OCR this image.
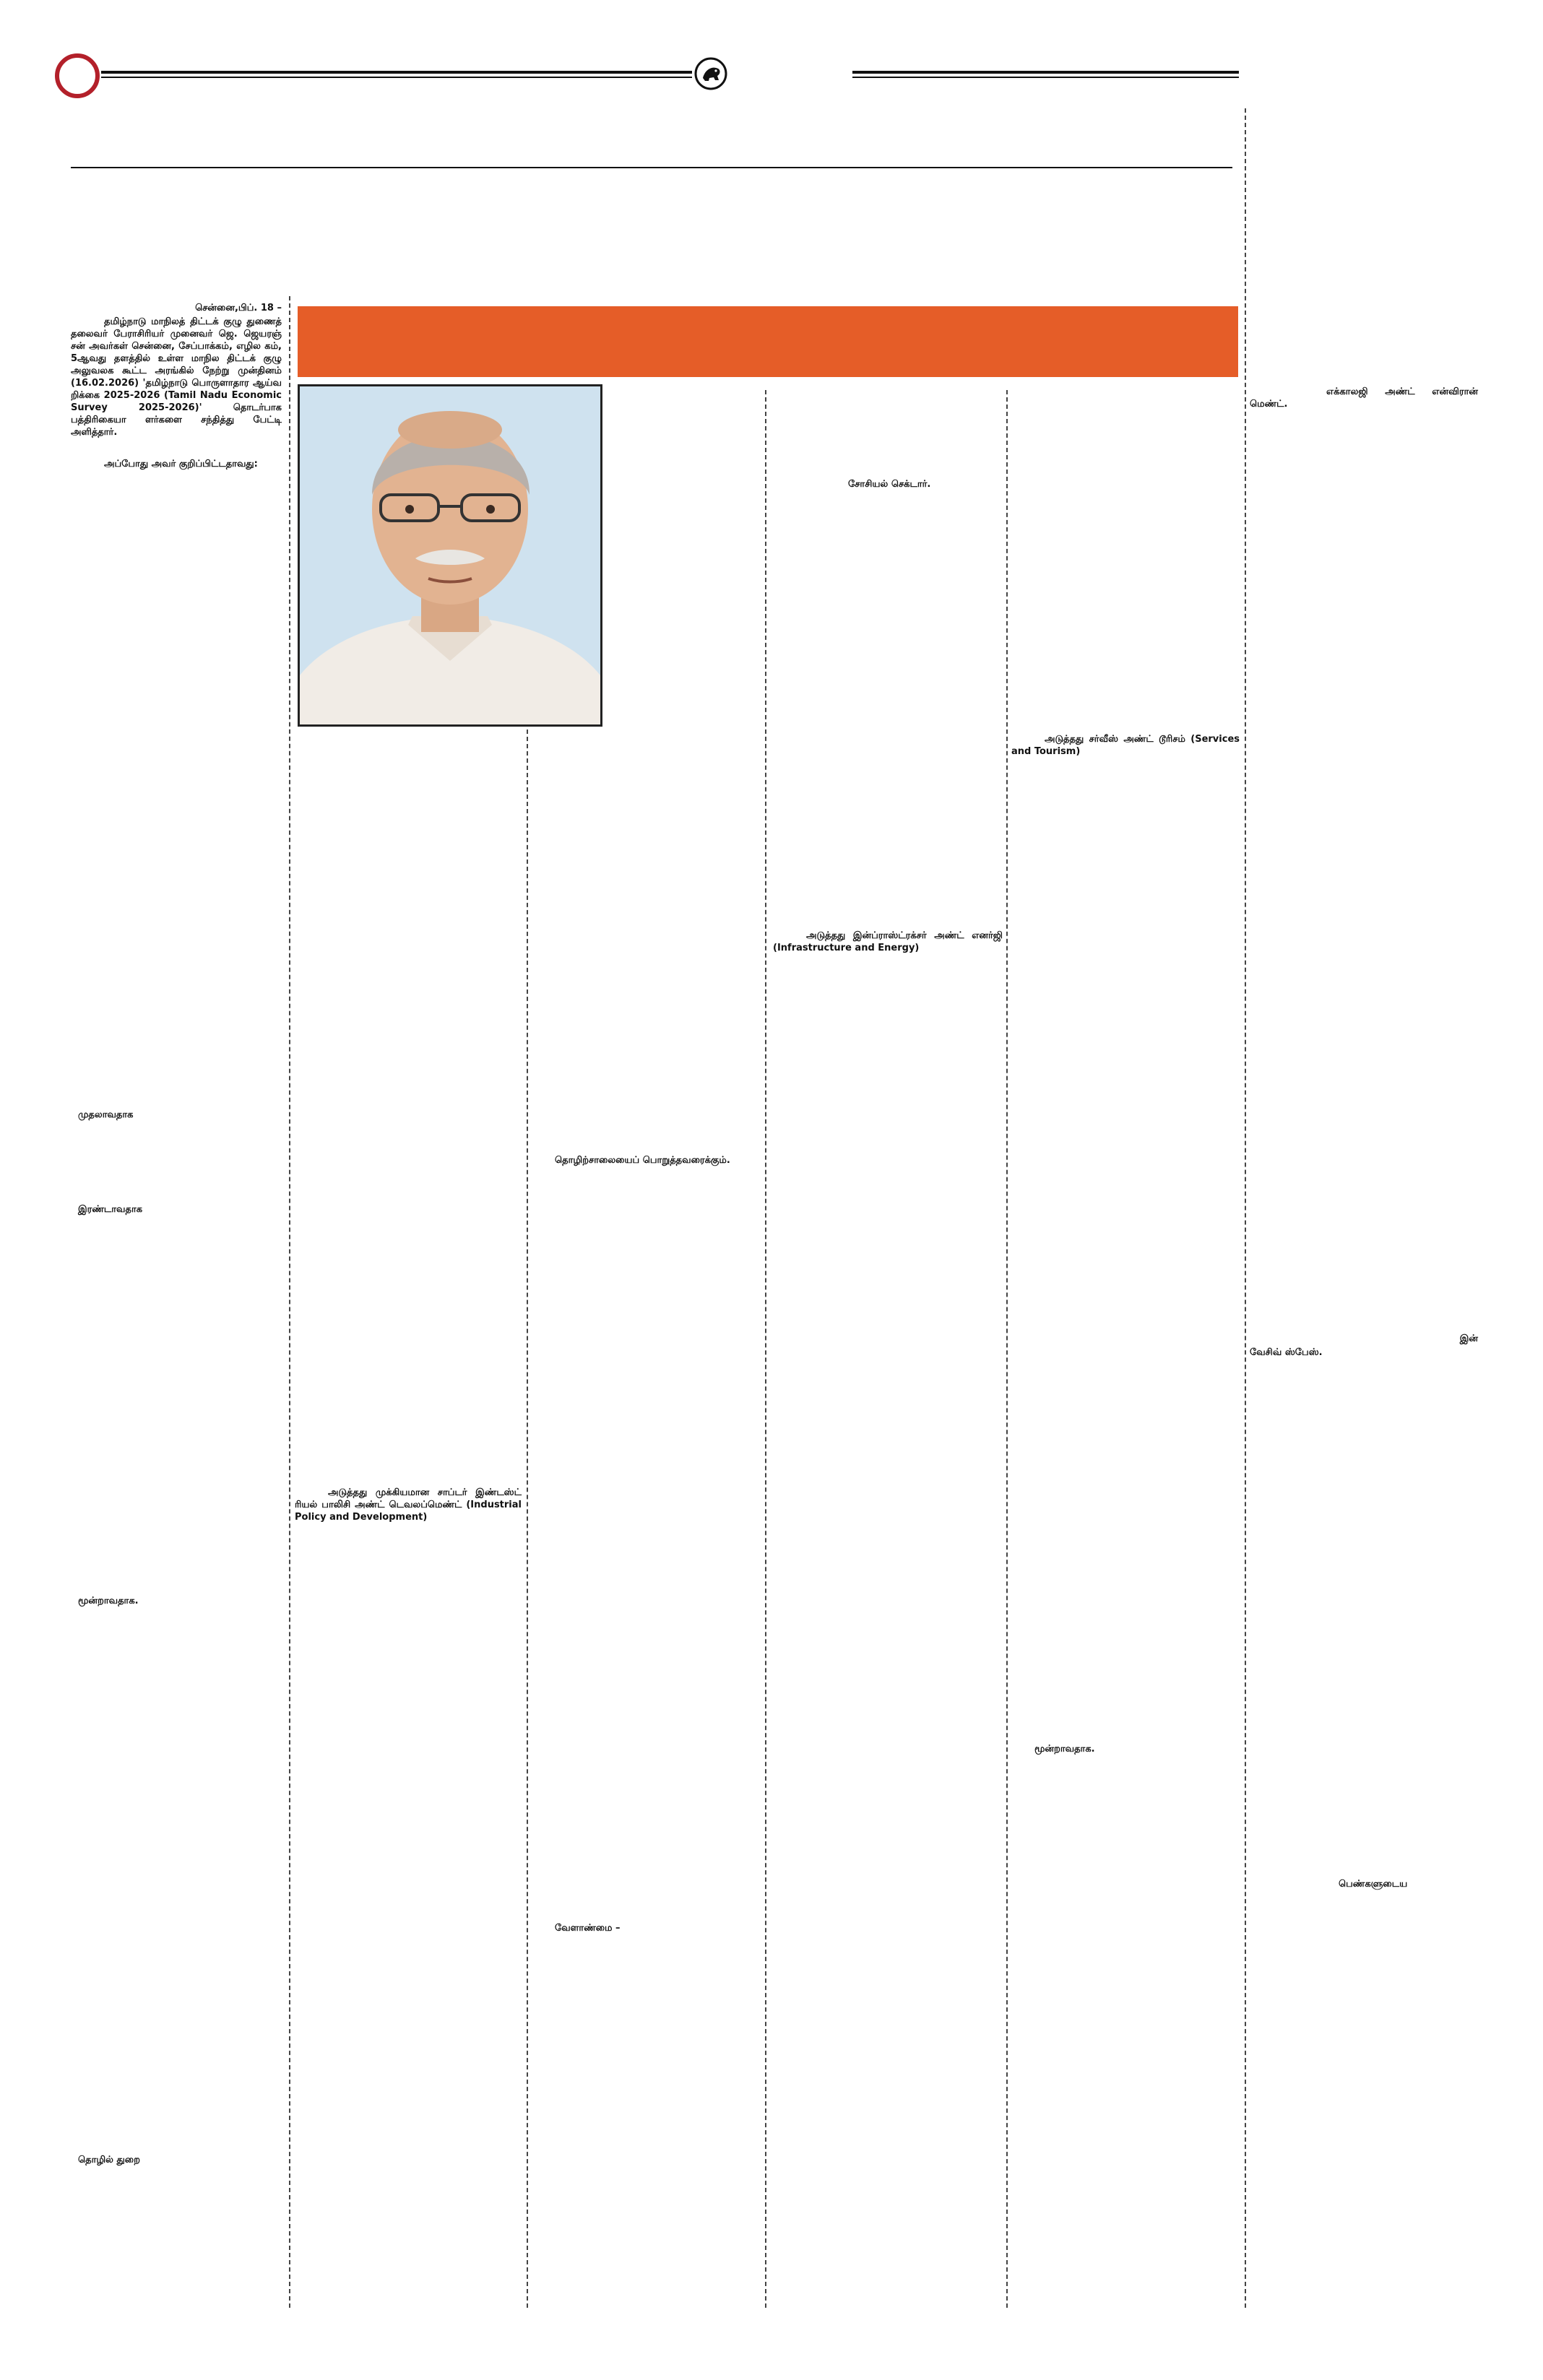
சென்னை,பிப். 18 –
தமிழ்நாடு மாநிலத் திட்டக் குழு துணைத் தலைவர் பேராசிரியர் முனைவர் ஜெ. ஜெயரஞ் சன் அவர்கள் சென்னை, சேப்பாக்கம், எழில கம், 5ஆவது தளத்தில் உள்ள மாநில திட்டக் குழு அலுவலக கூட்ட அரங்கில் நேற்று முன்தினம் (16.02.2026) 'தமிழ்நாடு பொருளாதார ஆய்வ றிக்கை 2025-2026 (Tamil Nadu Economic Survey 2025-2026)' தொடர்பாக பத்திரிகையா ளர்களை சந்தித்து பேட்டி அளித்தார்.
அப்போது அவர் குறிப்பிட்டதாவது:
முதலாவதாக
இரண்டாவதாக
மூன்றாவதாக.
தொழில் துறை
அடுத்தது முக்கியமான சாப்டர் இண்டஸ்ட் ரியல் பாலிசி அண்ட் டெவலப்மெண்ட் (Industrial Policy and Development)
தொழிற்சாலையைப் பொறுத்தவரைக்கும்.
வேளாண்மை –
சோசியல் செக்டார்.
அடுத்தது இன்ப்ராஸ்ட்ரக்சர் அண்ட் எனர்ஜி (Infrastructure and Energy)
அடுத்தது சர்வீஸ் அண்ட் டூரிசம் (Services and Tourism)
மூன்றாவதாக.
எக்காலஜி அண்ட் என்விரான் மெண்ட்.
இன்
வேசிவ் ஸ்பேஸ்.
பெண்களுடைய
